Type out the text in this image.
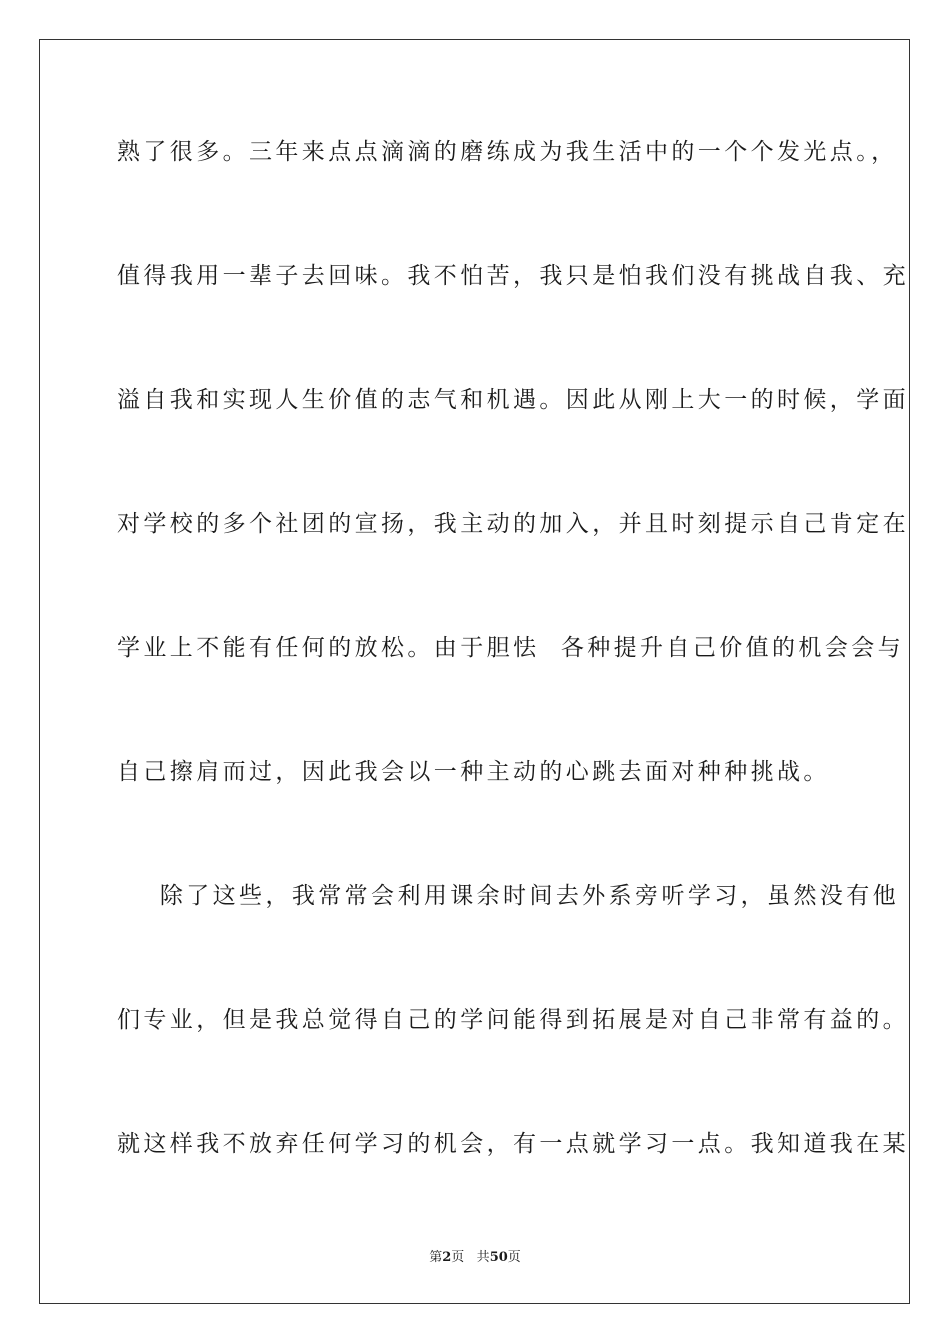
熟了很多。三年来点点滴滴的磨练成为我生活中的一个个发光点。，
值得我用一辈子去回味。我不怕苦，我只是怕我们没有挑战自我、充
溢自我和实现人生价值的志气和机遇。因此从刚上大一的时候，学面
对学校的多个社团的宣扬，我主动的加入，并且时刻提示自己肯定在
学业上不能有任何的放松。由于胆怯  各种提升自己价值的机会会与
自己擦肩而过，因此我会以一种主动的心跳去面对种种挑战。
除了这些，我常常会利用课余时间去外系旁听学习，虽然没有他
们专业，但是我总觉得自己的学问能得到拓展是对自己非常有益的。
就这样我不放弃任何学习的机会，有一点就学习一点。我知道我在某
第2页 共50页
